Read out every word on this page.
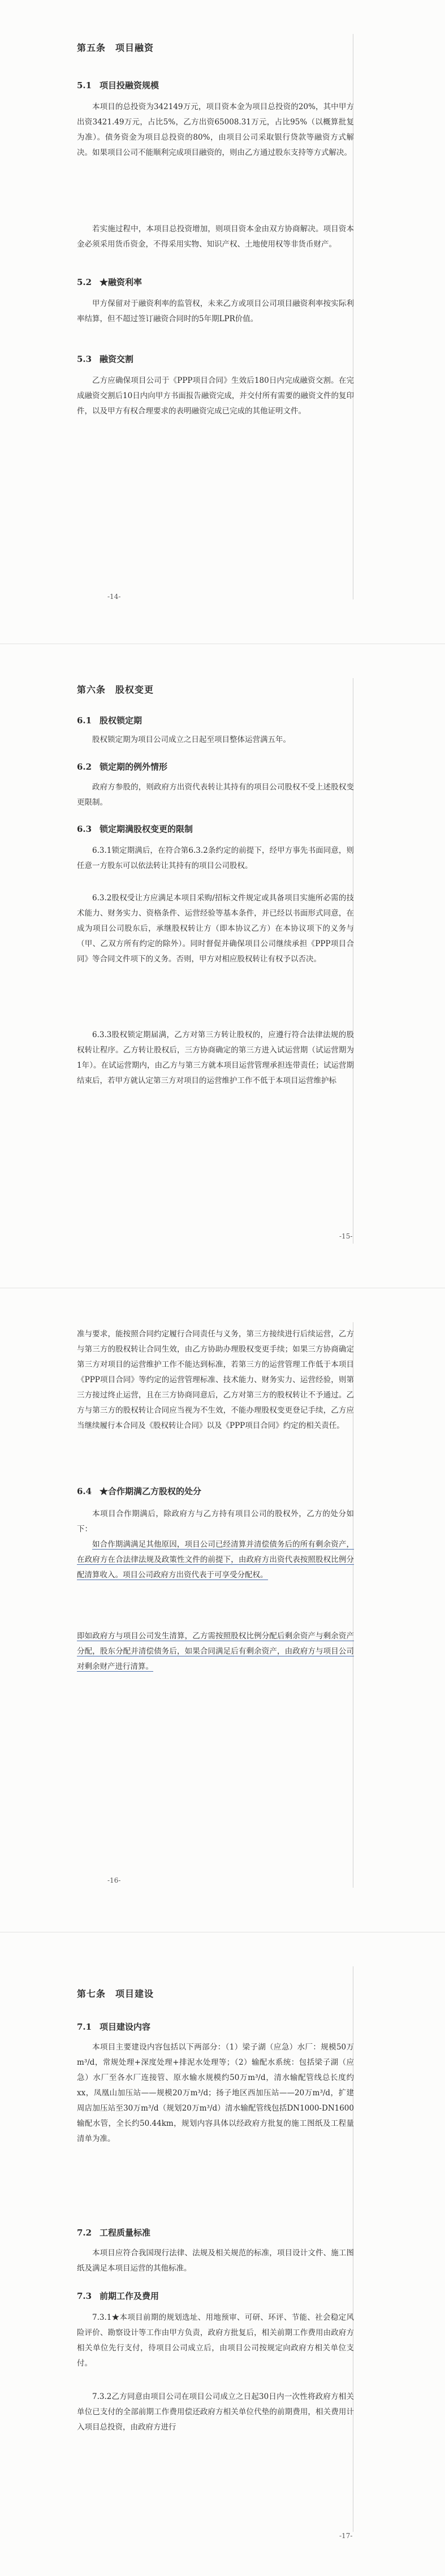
第五条　项目融资
5.1 项目投融资规模
本项目的总投资为342149万元，项目资本金为项目总投资的20%，其中甲方出资3421.49万元，占比5%，乙方出资65008.31万元，占比95%（以概算批复为准）。债务资金为项目总投资的80%，由项目公司采取银行贷款等融资方式解决。如果项目公司不能顺利完成项目融资的，则由乙方通过股东支持等方式解决。
若实施过程中，本项目总投资增加，则项目资本金由双方协商解决。项目资本金必须采用货币资金，不得采用实物、知识产权、土地使用权等非货币财产。
5.2 ★融资利率
甲方保留对于融资利率的监管权，未来乙方或项目公司项目融资利率按实际利率结算，但不超过签订融资合同时的5年期LPR价值。
5.3 融资交割
乙方应确保项目公司于《PPP项目合同》生效后180日内完成融资交割。在完成融资交割后10日内向甲方书面报告融资完成，并交付所有需要的融资文件的复印件，以及甲方有权合理要求的表明融资完成已完成的其他证明文件。
-14-
第六条　股权变更
6.1 股权锁定期
股权锁定期为项目公司成立之日起至项目整体运营满五年。
6.2 锁定期的例外情形
政府方参股的，则政府方出资代表转让其持有的项目公司股权不受上述股权变更限制。
6.3 锁定期满股权变更的限制
6.3.1锁定期满后，在符合第6.3.2条约定的前提下，经甲方事先书面同意，则任意一方股东可以依法转让其持有的项目公司股权。
6.3.2股权受让方应满足本项目采购/招标文件规定或具备项目实施所必需的技术能力、财务实力、资格条件、运营经验等基本条件，并已经以书面形式同意，在成为项目公司股东后，承继股权转让方（即本协议乙方）在本协议项下的义务与（甲、乙双方所有约定的除外）。同时督促并确保项目公司继续承担《PPP项目合同》等合同文件项下的义务。否则，甲方对相应股权转让有权予以否决。
6.3.3股权锁定期届满，乙方对第三方转让股权的，应遵行符合法律法规的股权转让程序。乙方转让股权后，三方协商确定的第三方进入试运营期（试运营期为1年）。在试运营期内，由乙方与第三方就本项目运营管理承担连带责任；试运营期结束后，若甲方就认定第三方对项目的运营维护工作不低于本项目运营维护标
-15-
准与要求，能按照合同约定履行合同责任与义务，第三方接续进行后续运营，乙方与第三方的股权转让合同生效，由乙方协助办理股权变更手续；如果三方协商确定第三方对项目的运营维护工作不能达到标准，若第三方的运营管理工作低于本项目《PPP项目合同》等约定的运营管理标准、技术能力、财务实力、运营经验，则第三方接过终止运营，且在三方协商同意后，乙方对第三方的股权转让不予通过。乙方与第三方的股权转让合同应当视为不生效，不能办理股权变更登记手续，乙方应当继续履行本合同及《股权转让合同》以及《PPP项目合同》约定的相关责任。
6.4 ★合作期满乙方股权的处分
本项目合作期满后，除政府方与乙方持有项目公司的股权外，乙方的处分如下：
如合作期满满足其他原因，项目公司已经清算并清偿债务后的所有剩余资产，在政府方在合法律法规及政策性文件的前提下，由政府方出资代表按照股权比例分配清算收入。项目公司政府方出资代表于可享受分配权。
即如政府方与项目公司发生清算，乙方需按照股权比例分配后剩余资产与剩余资产分配，股东分配并清偿债务后，如果合同满足后有剩余资产，由政府方与项目公司对剩余财产进行清算。
-16-
第七条　项目建设
7.1 项目建设内容
本项目主要建设内容包括以下两部分：（1）梁子湖（应急）水厂：规模50万m³/d，常规处理+深度处理+排泥水处理等；（2）输配水系统：包括梁子湖（应急）水厂至各水厂连接管、原水输水规模约50万m³/d，清水输配管线总长度约xx，凤凰山加压站——规模20万m³/d；扬子地区西加压站——20万m³/d，扩建周店加压站至30万m³/d（规划20万m³/d）清水输配管线包括DN1000-DN1600输配水管，全长约50.44km，规划内容具体以经政府方批复的施工图纸及工程量清单为准。
7.2 工程质量标准
本项目应符合我国现行法律、法规及相关规范的标准，项目设计文件、施工图纸及满足本项目运营的其他标准。
7.3 前期工作及费用
7.3.1★本项目前期的规划选址、用地预审、可研、环评、节能、社会稳定风险评价、勘察设计等工作由甲方负责，政府方批复后，相关前期工作费用由政府方相关单位先行支付，待项目公司成立后，由项目公司按规定向政府方相关单位支付。
7.3.2乙方同意由项目公司在项目公司成立之日起30日内一次性将政府方相关单位已支付的全部前期工作费用偿还政府方相关单位代垫的前期费用，相关费用计入项目总投资，由政府方进行
-17-
